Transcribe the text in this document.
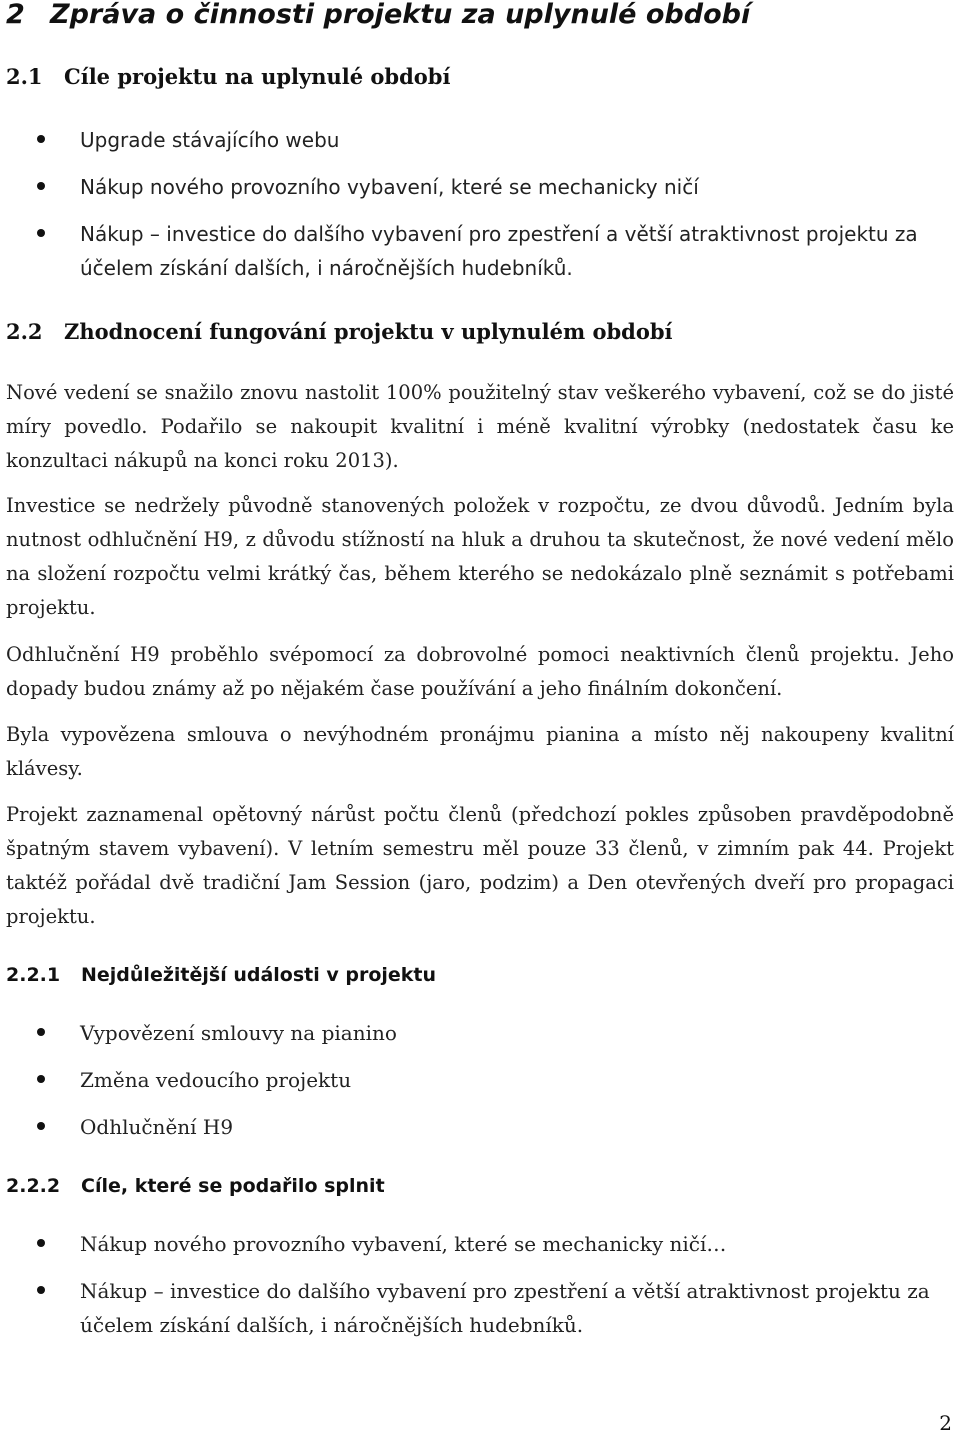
2 Zpráva o činnosti projektu za uplynulé období
2.1 Cíle projektu na uplynulé období
Upgrade stávajícího webu
Nákup nového provozního vybavení, které se mechanicky ničí
Nákup – investice do dalšího vybavení pro zpestření a větší atraktivnost projektu za účelem získání dalších, i náročnějších hudebníků.
2.2 Zhodnocení fungování projektu v uplynulém období

Nové vedení se snažilo znovu nastolit 100% použitelný stav veškerého vybavení, což se do jisté míry povedlo. Podařilo se nakoupit kvalitní i méně kvalitní výrobky (nedostatek času ke konzultaci nákupů na konci roku 2013).

Investice se nedržely původně stanovených položek v rozpočtu, ze dvou důvodů. Jedním byla nutnost odhlučnění H9, z důvodu stížností na hluk a druhou ta skutečnost, že nové vedení mělo na složení rozpočtu velmi krátký čas, během kterého se nedokázalo plně seznámit s potřebami projektu.

Odhlučnění H9 proběhlo svépomocí za dobrovolné pomoci neaktivních členů projektu. Jeho dopady budou známy až po nějakém čase používání a jeho finálním dokončení.

Byla vypovězena smlouva o nevýhodném pronájmu pianina a místo něj nakoupeny kvalitní klávesy.

Projekt zaznamenal opětovný nárůst počtu členů (předchozí pokles způsoben pravděpodobně špatným stavem vybavení). V letním semestru měl pouze 33 členů, v zimním pak 44. Projekt taktéž pořádal dvě tradiční Jam Session (jaro, podzim) a Den otevřených dveří pro propagaci projektu.

2.2.1 Nejdůležitější události v projektu
Vypovězení smlouvy na pianino
Změna vedoucího projektu
Odhlučnění H9
2.2.2 Cíle, které se podařilo splnit
Nákup nového provozního vybavení, které se mechanicky ničí…
Nákup – investice do dalšího vybavení pro zpestření a větší atraktivnost projektu za účelem získání dalších, i náročnějších hudebníků.
2
